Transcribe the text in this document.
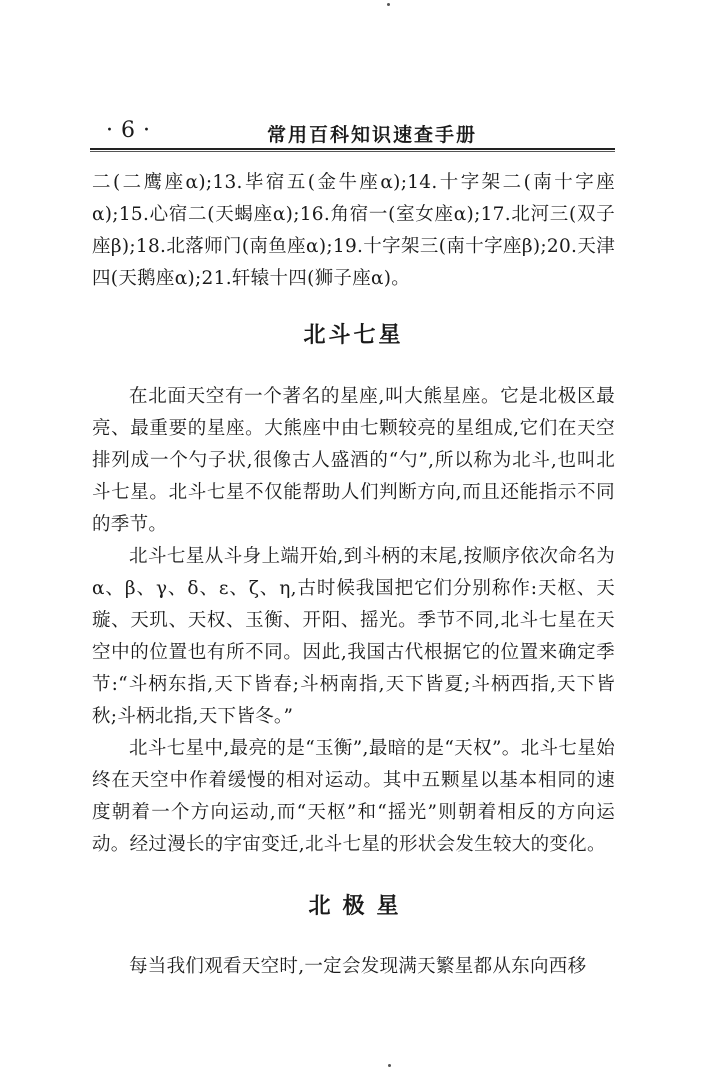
·6·	常用百科知识速查手册

二(二鹰座α);13.毕宿五(金牛座α);14.十字架二(南十字座α);15.心宿二(天蝎座α);16.角宿一(室女座α);17.北河三(双子座β);18.北落师门(南鱼座α);19.十字架三(南十字座β);20.天津四(天鹅座α);21.轩辕十四(狮子座α)。

北斗七星

在北面天空有一个著名的星座,叫大熊星座。它是北极区最亮、最重要的星座。大熊座中由七颗较亮的星组成,它们在天空排列成一个勺子状,很像古人盛酒的“勺”,所以称为北斗,也叫北斗七星。北斗七星不仅能帮助人们判断方向,而且还能指示不同的季节。

北斗七星从斗身上端开始,到斗柄的末尾,按顺序依次命名为α、β、γ、δ、ε、ζ、η,古时候我国把它们分别称作:天枢、天璇、天玑、天权、玉衡、开阳、摇光。季节不同,北斗七星在天空中的位置也有所不同。因此,我国古代根据它的位置来确定季节:“斗柄东指,天下皆春;斗柄南指,天下皆夏;斗柄西指,天下皆秋;斗柄北指,天下皆冬。”

北斗七星中,最亮的是“玉衡”,最暗的是“天权”。北斗七星始终在天空中作着缓慢的相对运动。其中五颗星以基本相同的速度朝着一个方向运动,而“天枢”和“摇光”则朝着相反的方向运动。经过漫长的宇宙变迁,北斗七星的形状会发生较大的变化。

北极星

每当我们观看天空时,一定会发现满天繁星都从东向西移
